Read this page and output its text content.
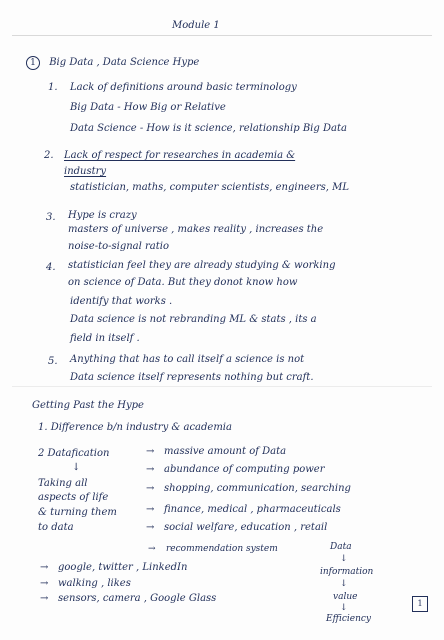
Module 1
1 Big Data , Data Science Hype
1. Lack of definitions around basic terminology
Big Data - How Big or Relative
Data Science - How is it science, relationship Big Data
2. Lack of respect for researches in academia &
industry
statistician, maths, computer scientists, engineers, ML
3. Hype is crazy
masters of universe , makes reality , increases the
noise-to-signal ratio
4. statistician feel they are already studying & working
on science of Data. But they donot know how
identify that works .
Data science is not rebranding ML & stats , its a
field in itself .
5. Anything that has to call itself a science is not
Data science itself represents nothing but craft.
Getting Past the Hype
1. Difference b/n industry & academia
2 Datafication
↓
Taking all
aspects of life
& turning them
to data
→ massive amount of Data
→ abundance of computing power
→ shopping, communication, searching
→ finance, medical , pharmaceuticals
→ social welfare, education , retail
→ recommendation system
→ google, twitter , LinkedIn
→ walking , likes
→ sensors, camera , Google Glass
Data
↓
information
↓
value
↓
Efficiency
1
